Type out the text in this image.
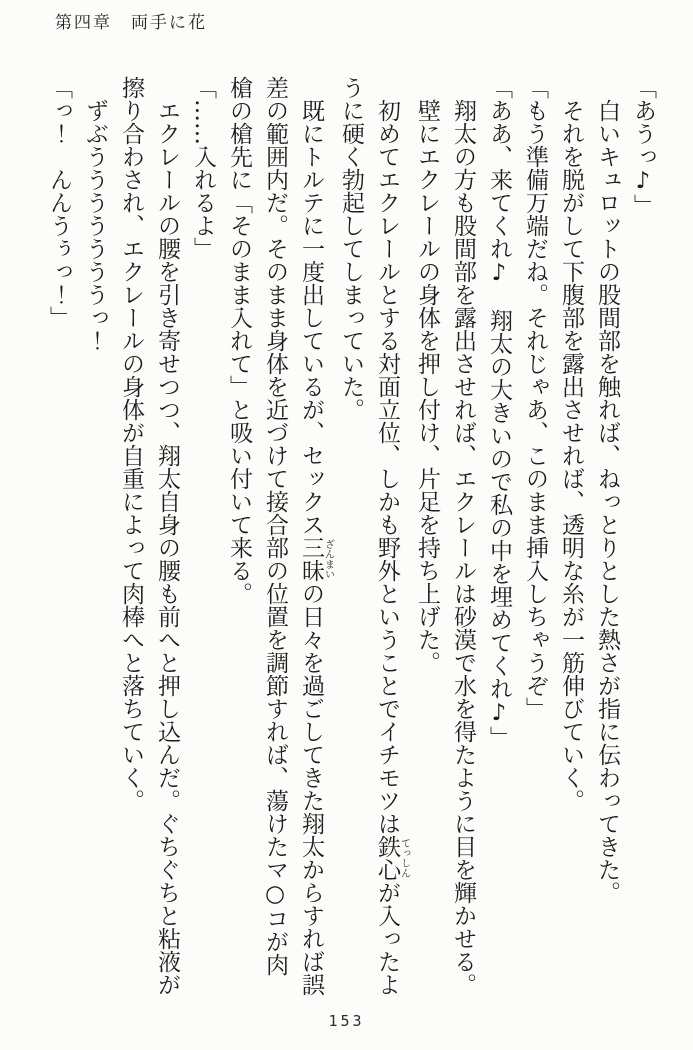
第四章　両手に花

「あうっ♪」

白いキュロットの股間部を触れば、ねっとりとした熱さが指に伝わってきた。

それを脱がして下腹部を露出させれば、透明な糸が一筋伸びていく。

「もう準備万端だね。それじゃあ、このまま挿入しちゃうぞ」

「ああ、来てくれ♪　翔太の大きいので私の中を埋めてくれ♪」

翔太の方も股間部を露出させれば、エクレールは砂漠で水を得たように目を輝かせる。

壁にエクレールの身体を押し付け、片足を持ち上げた。

初めてエクレールとする対面立位、しかも野外ということでイチモツは鉄心てっしんが入ったように硬く勃起してしまっていた。

既にトルテに一度出しているが、セックス三昧ざんまいの日々を過ごしてきた翔太からすれば誤差の範囲内だ。そのまま身体を近づけて接合部の位置を調節すれば、蕩けたマ○コが肉槍の槍先に「そのまま入れて」と吸い付いて来る。

「……入れるよ」

エクレールの腰を引き寄せつつ、翔太自身の腰も前へと押し込んだ。ぐちぐちと粘液が擦り合わされ、エクレールの身体が自重によって肉棒へと落ちていく。

ずぶうううううううっ！

「っ！　んんうぅっ！」

153
